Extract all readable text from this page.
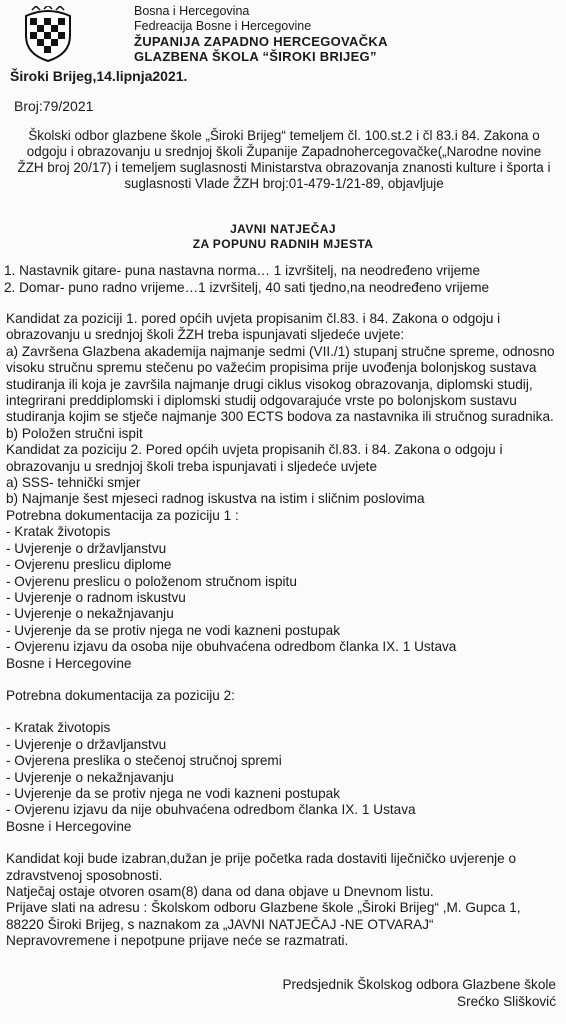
Bosna i Hercegovina
Fedreacija Bosne i Hercegovine
ŽUPANIJA ZAPADNO HERCEGOVAČKA
GLAZBENA ŠKOLA “ŠIROKI BRIJEG”
Široki Brijeg,14.lipnja2021.
Broj:79/2021
Školski odbor glazbene škole „Široki Brijeg“ temeljem čl. 100.st.2 i čl 83.i 84. Zakona o odgoju i obrazovanju u srednjoj školi Županije Zapadnohercegovačke(„Narodne novine ŽZH broj 20/17) i temeljem suglasnosti Ministarstva obrazovanja znanosti kulture i športa i suglasnosti Vlade ŽZH broj:01-479-1/21-89, objavljuje
JAVNI NATJEČAJ
ZA POPUNU RADNIH MJESTA
1. Nastavnik gitare- puna nastavna norma… 1 izvršitelj, na neodređeno vrijeme
2. Domar- puno radno vrijeme…1 izvršitelj, 40 sati tjedno,na neodređeno vrijeme

Kandidat za poziciji 1. pored općih uvjeta propisanim čl.83. i 84. Zakona o odgoju i obrazovanju u srednjoj školi ŽZH treba ispunjavati sljedeće uvjete:

a) Završena Glazbena akademija najmanje sedmi (VII./1) stupanj stručne spreme, odnosno visoku stručnu spremu stečenu po važećim propisima prije uvođenja bolonjskog sustava studiranja ili koja je završila najmanje drugi ciklus visokog obrazovanja, diplomski studij, integrirani preddiplomski i diplomski studij odgovarajuće vrste po bolonjskom sustavu studiranja kojim se stječe najmanje 300 ECTS bodova za nastavnika ili stručnog suradnika.

b) Položen stručni ispit

Kandidat za poziciju 2. Pored općih uvjeta propisanih čl.83. i 84. Zakona o odgoju i obrazovanju u srednjoj školi treba ispunjavati i sljedeće uvjete

a) SSS- tehnički smjer

b) Najmanje šest mjeseci radnog iskustva na istim i sličnim poslovima

Potrebna dokumentacija za poziciju 1 :

- Kratak životopis

- Uvjerenje o državljanstvu

- Ovjerenu preslicu diplome

- Ovjerenu preslicu o položenom stručnom ispitu

- Uvjerenje o radnom iskustvu

- Uvjerenje o nekažnjavanju

- Uvjerenje da se protiv njega ne vodi kazneni postupak

- Ovjerenu izjavu da osoba nije obuhvaćena odredbom članka IX. 1 Ustava

Bosne i Hercegovine

Potrebna dokumentacija za poziciju 2:

- Kratak životopis

- Uvjerenje o državljanstvu

- Ovjerena preslika o stečenoj stručnoj spremi

- Uvjerenje o nekažnjavanju

- Uvjerenje da se protiv njega ne vodi kazneni postupak

- Ovjerenu izjavu da nije obuhvaćena odredbom članka IX. 1 Ustava

Bosne i Hercegovine

Kandidat koji bude izabran,dužan je prije početka rada dostaviti liječničko uvjerenje o zdravstvenoj sposobnosti.

Natječaj ostaje otvoren osam(8) dana od dana objave u Dnevnom listu.

Prijave slati na adresu : Školskom odboru Glazbene škole „Široki Brijeg“ ,M. Gupca 1, 88220 Široki Brijeg, s naznakom za „JAVNI NATJEČAJ -NE OTVARAJ“

Nepravovremene i nepotpune prijave neće se razmatrati.

Predsjednik Školskog odbora Glazbene škole
Srećko Slišković
